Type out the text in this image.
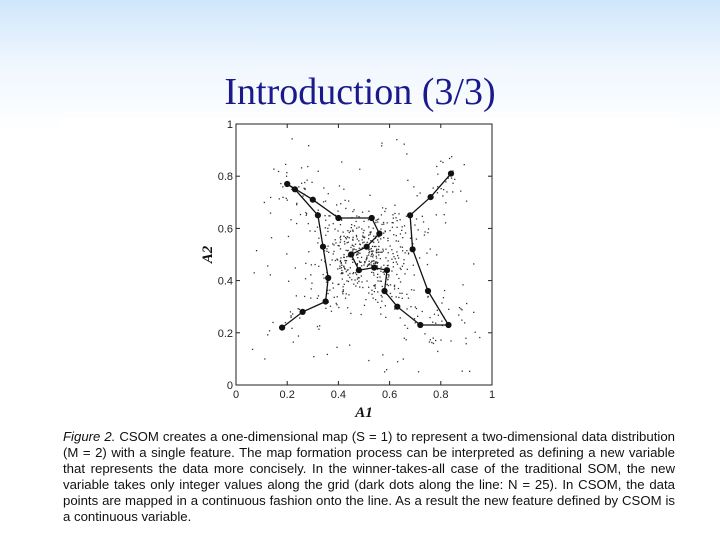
Introduction (3/3)
0
0
0.2
0.2
0.4
0.4
0.6
0.6
0.8
0.8
1
1
A1
A2
Figure 2. CSOM creates a one-dimensional map (S = 1) to represent a two-dimensional data distribution (M = 2) with a single feature. The map formation process can be interpreted as defining a new variable that represents the data more concisely. In the winner-takes-all case of the traditional SOM, the new variable takes only integer values along the grid (dark dots along the line: N = 25). In CSOM, the data points are mapped in a continuous fashion onto the line. As a result the new feature defined by CSOM is a continuous variable.
